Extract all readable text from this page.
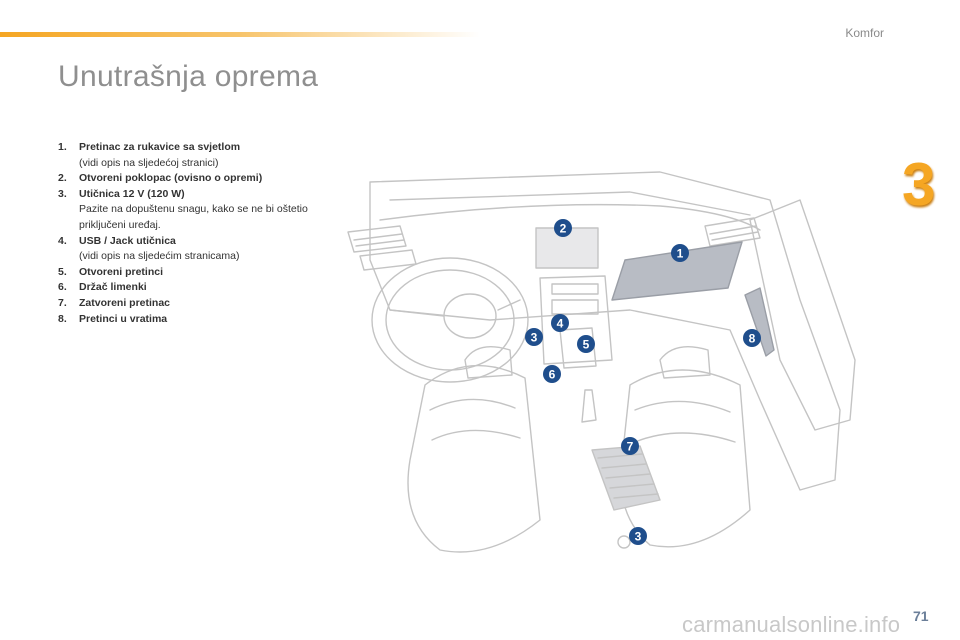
Komfor
3
Unutrašnja oprema
1. Pretinac za rukavice sa svjetlom
(vidi opis na sljedećoj stranici)
2. Otvoreni poklopac (ovisno o opremi)
3. Utičnica 12 V (120 W)
Pazite na dopuštenu snagu, kako se ne bi oštetio priključeni uređaj.
4. USB / Jack utičnica
(vidi opis na sljedećim stranicama)
5. Otvoreni pretinci
6. Držač limenki
7. Zatvoreni pretinac
8. Pretinci u vratima
1
2
3
4
5
6
7
8
3
carmanualsonline.info 71
